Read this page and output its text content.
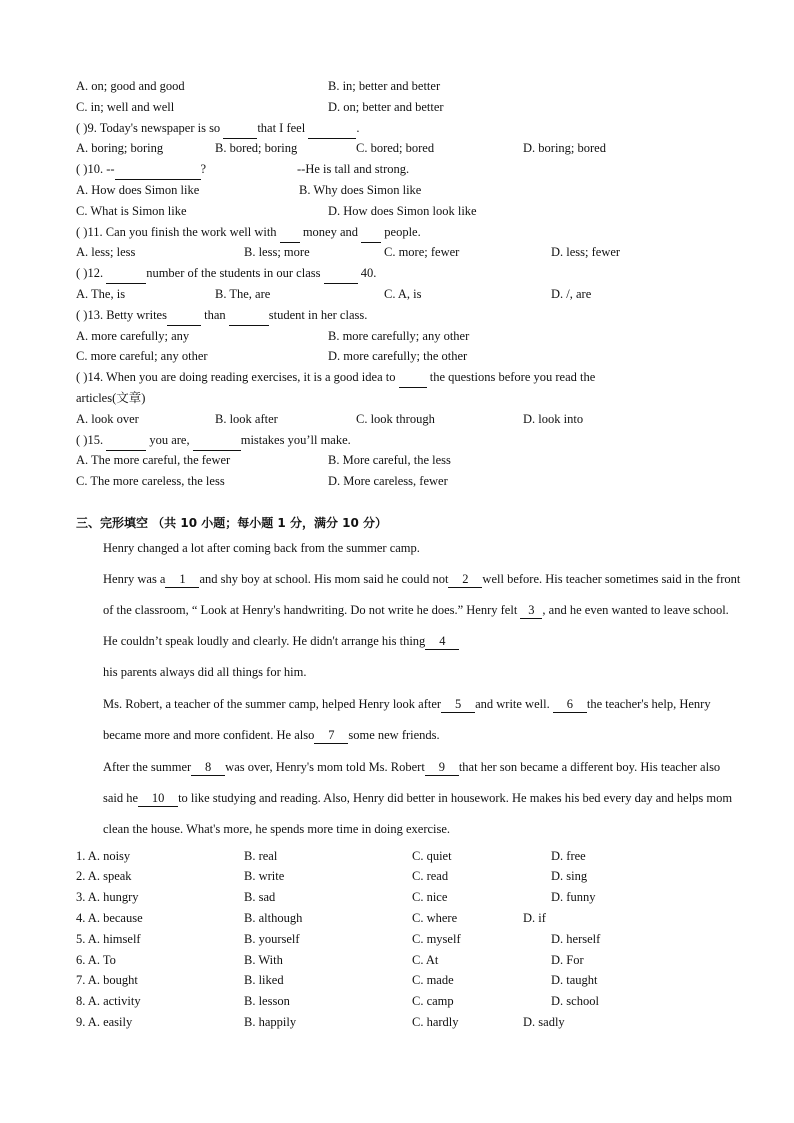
A. on; good and good	B. in; better and better
C. in; well and well	D. on; better and better
( )9. Today's newspaper is so	that I feel	.
A. boring; boring	B. bored; boring	C. bored; bored	D. boring; bored
( )10. --	?	--He is tall and strong.
A. How does Simon like	B. Why does Simon like
C. What is Simon like	D. How does Simon look like
( )11. Can you finish the work well with   money and   people.
A. less; less	B. less; more	C. more; fewer	D. less; fewer
( )12.	number of the students in our class	40.
A. The, is	B. The, are	C. A, is	D. /, are
( )13. Betty writes	than	student in her class.
A. more carefully; any	B. more carefully; any other
C. more careful; any other	D. more carefully; the other
( )14. When you are doing reading exercises, it is a good idea to   the questions before you read the
articles(文章)
A. look over	B. look after	C. look through	D. look into
( )15.	you are,	mistakes you’ll make.
A. The more careful, the fewer	B. More careful, the less
C. The more careless, the less	D. More careless, fewer
三、完形填空 （共 10 小题；每小题 1 分，满分 10 分）
Henry changed a lot after coming back from the summer camp.
Henry was a 1 and shy boy at school. His mom said he could not 2 well before. His teacher sometimes said in the front of the classroom, “ Look at Henry's handwriting. Do not write he does.” Henry felt 3 , and he even wanted to leave school. He couldn’t speak loudly and clearly. He didn't arrange his thing 4
his parents always did all things for him.
Ms. Robert, a teacher of the summer camp, helped Henry look after 5 and write well. 6 the teacher's help, Henry became more and more confident. He also 7 some new friends.
After the summer 8 was over, Henry's mom told Ms. Robert 9 that her son became a different boy. His teacher also said he 10 to like studying and reading. Also, Henry did better in housework. He makes his bed every day and helps mom clean the house. What's more, he spends more time in doing exercise.
1. A. noisy	B. real	C. quiet	D. free
2. A. speak	B. write	C. read	D. sing
3. A. hungry	B. sad	C. nice	D. funny
4. A. because	B. although	C. where	D. if
5. A. himself	B. yourself	C. myself	D. herself
6. A. To	B. With	C. At	D. For
7. A. bought	B. liked	C. made	D. taught
8. A. activity	B. lesson	C. camp	D. school
9. A. easily	B. happily	C. hardly	D. sadly
